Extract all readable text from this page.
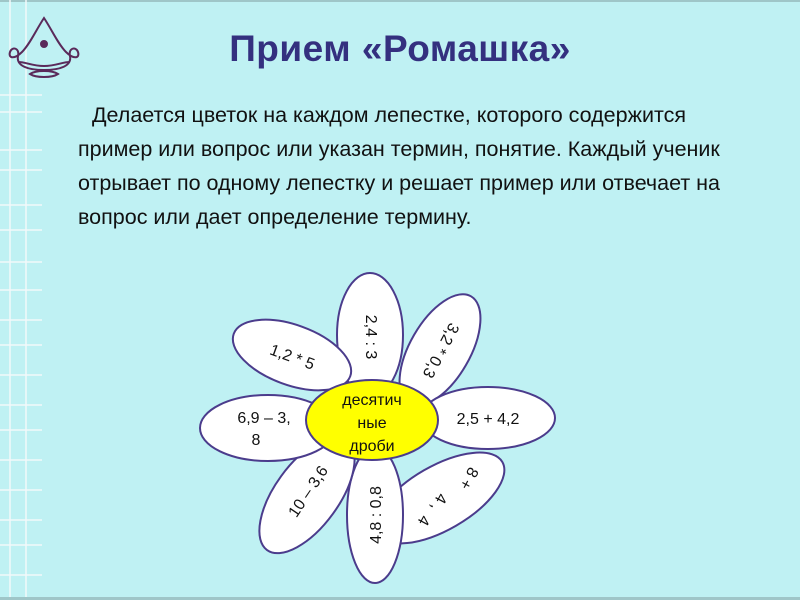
Прием «Ромашка»

Делается цветок на каждом лепестке, которого содержится пример или вопрос или указан термин, понятие. Каждый ученик отрывает по одному лепестку и решает пример или отвечает на вопрос или дает определение термину.

десятич
ные
дроби
2,4 : 3 3,2 * 0,3
2,5 + 4,2
8 +
4 ,
4
4,8 : 0,8
10 – 3,6
6,9 – 3,
8
1,2 * 5
